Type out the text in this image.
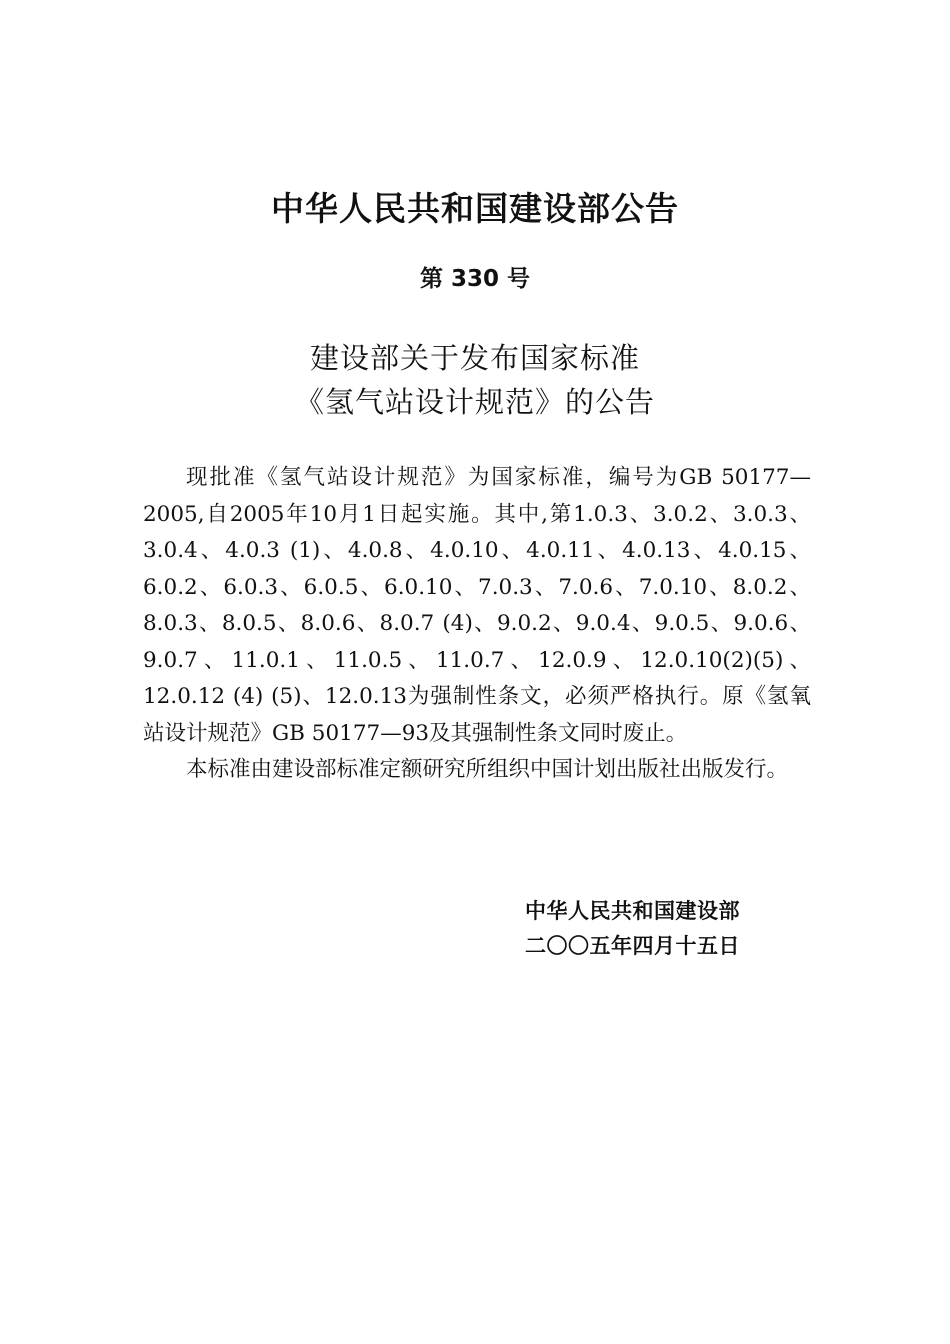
中华人民共和国建设部公告
第 330 号
建设部关于发布国家标准
《氢气站设计规范》的公告

现批准《氢气站设计规范》为国家标准，编号为GB 50177—2005,自2005年10月1日起实施。其中,第1.0.3、3.0.2、3.0.3、3.0.4、4.0.3 (1)、4.0.8、4.0.10、4.0.11、4.0.13、4.0.15、6.0.2、6.0.3、6.0.5、6.0.10、7.0.3、7.0.6、7.0.10、8.0.2、8.0.3、8.0.5、8.0.6、8.0.7 (4)、9.0.2、9.0.4、9.0.5、9.0.6、9.0.7、11.0.1、11.0.5、11.0.7、12.0.9、12.0.10(2)(5)、12.0.12 (4) (5)、12.0.13为强制性条文，必须严格执行。原《氢氧站设计规范》GB 50177—93及其强制性条文同时废止。

本标准由建设部标准定额研究所组织中国计划出版社出版发行。

中华人民共和国建设部
二〇〇五年四月十五日
